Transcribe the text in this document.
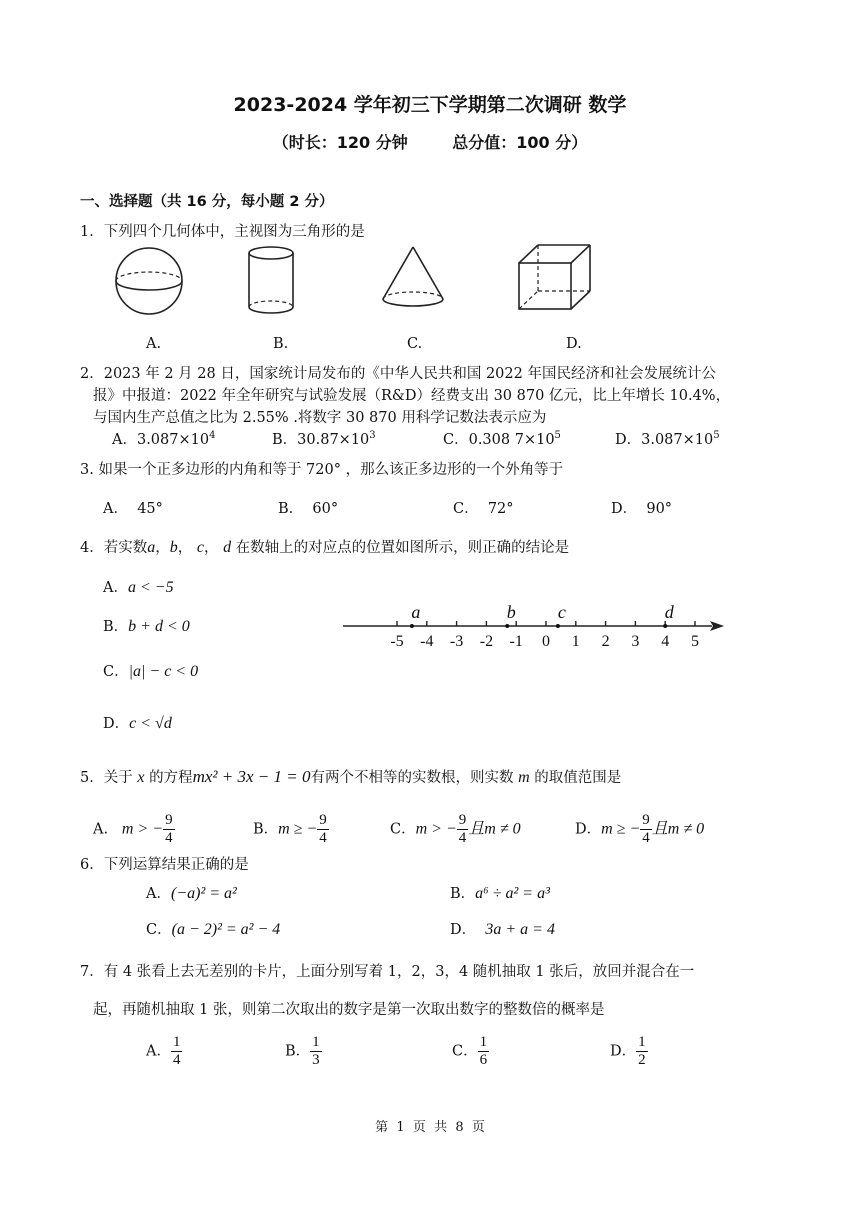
2023-2024 学年初三下学期第二次调研 数学
（时长：120 分钟        总分值：100 分）
一、选择题（共 16 分，每小题 2 分）
1．下列四个几何体中，主视图为三角形的是
A.	B.	C.	D.
2．2023 年 2 月 28 日，国家统计局发布的《中华人民共和国 2022 年国民经济和社会发展统计公
报》中报道：2022 年全年研究与试验发展（R&D）经费支出 30 870 亿元，比上年增长 10.4%，
与国内生产总值之比为 2.55% .将数字 30 870 用科学记数法表示应为
A．$3.087\times 10^4$	B．$30.87\times 10^3$	C．0.308 $7\times 10^5$	D．$3.087\times 10^5$
3. 如果一个正多边形的内角和等于 720° ，那么该正多边形的一个外角等于
A．  45°	B．  60°	C．  72°	D．  90°
4．若实数a，b， c， d 在数轴上的对应点的位置如图所示，则正确的结论是
A．a < −5
B．b + d < 0
C．|a| − c < 0
D．c < √d
-5 -4 -3 -2 -1 0 1 2 3 4 5
a	b c	d
5．关于 x 的方程mx² + 3x − 1 = 0有两个不相等的实数根，则实数 m 的取值范围是
A. m > − $\frac{9}{4}$	B．m ≥ − $\frac{9}{4}$	C．m > − $\frac{9}{4}$ 且m ≠ 0	D．m ≥ − $\frac{9}{4}$ 且m ≠ 0
6．下列运算结果正确的是
A．(−a)² = a²	B．a⁶ ÷ a² = a³
C．(a − 2)² = a² − 4	D． 3a + a = 4
7．有 4 张看上去无差别的卡片，上面分别写着 1，2，3，4 随机抽取 1 张后，放回并混合在一
起，再随机抽取 1 张，则第二次取出的数字是第一次取出数字的整数倍的概率是
A． $\frac{1}{4}$	B． $\frac{1}{3}$	C． $\frac{1}{6}$	D． $\frac{1}{2}$
第  1  页  共  8  页
